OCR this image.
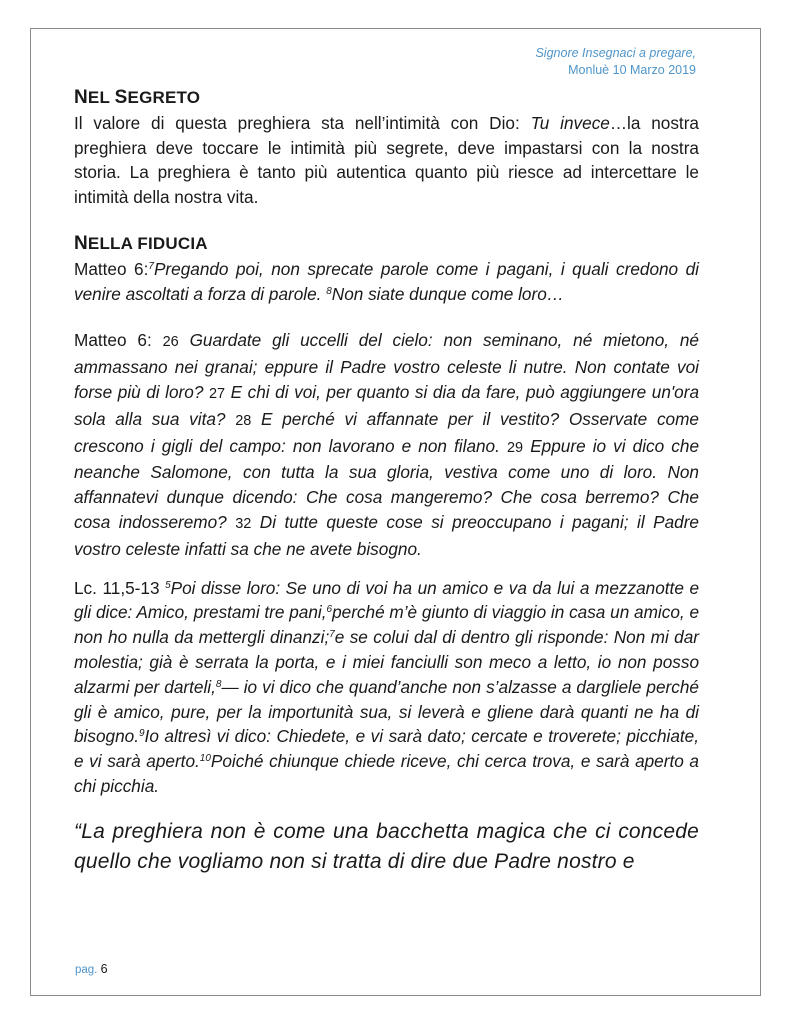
Signore Insegnaci a pregare,
Monluè 10 Marzo 2019
NEL SEGRETO

Il valore di questa preghiera sta nell’intimità con Dio: Tu invece…la nostra preghiera deve toccare le intimità più segrete, deve impastarsi con la nostra storia. La preghiera è tanto più autentica quanto più riesce ad intercettare le intimità della nostra vita.

NELLA FIDUCIA

Matteo 6:$^7$Pregando poi, non sprecate parole come i pagani, i quali credono di venire ascoltati a forza di parole. $^8$Non siate dunque come loro…

Matteo 6: 26 Guardate gli uccelli del cielo: non seminano, né mietono, né ammassano nei granai; eppure il Padre vostro celeste li nutre. Non contate voi forse più di loro? 27 E chi di voi, per quanto si dia da fare, può aggiungere un'ora sola alla sua vita? 28 E perché vi affannate per il vestito? Osservate come crescono i gigli del campo: non lavorano e non filano. 29 Eppure io vi dico che neanche Salomone, con tutta la sua gloria, vestiva come uno di loro. Non affannatevi dunque dicendo: Che cosa mangeremo? Che cosa berremo? Che cosa indosseremo? 32 Di tutte queste cose si preoccupano i pagani; il Padre vostro celeste infatti sa che ne avete bisogno.

Lc. 11,5-13 $^5$Poi disse loro: Se uno di voi ha un amico e va da lui a mezzanotte e gli dice: Amico, prestami tre pani,$^6$perché m’è giunto di viaggio in casa un amico, e non ho nulla da mettergli dinanzi;$^7$e se colui dal di dentro gli risponde: Non mi dar molestia; già è serrata la porta, e i miei fanciulli son meco a letto, io non posso alzarmi per darteli,$^8$— io vi dico che quand’anche non s’alzasse a dargliele perché gli è amico, pure, per la importunità sua, si leverà e gliene darà quanti ne ha di bisogno.$^9$Io altresì vi dico: Chiedete, e vi sarà dato; cercate e troverete; picchiate, e vi sarà aperto.$^{10}$Poiché chiunque chiede riceve, chi cerca trova, e sarà aperto a chi picchia.

“La preghiera non è come una bacchetta magica che ci concede quello che vogliamo non si tratta di dire due Padre nostro e

pag. 6
